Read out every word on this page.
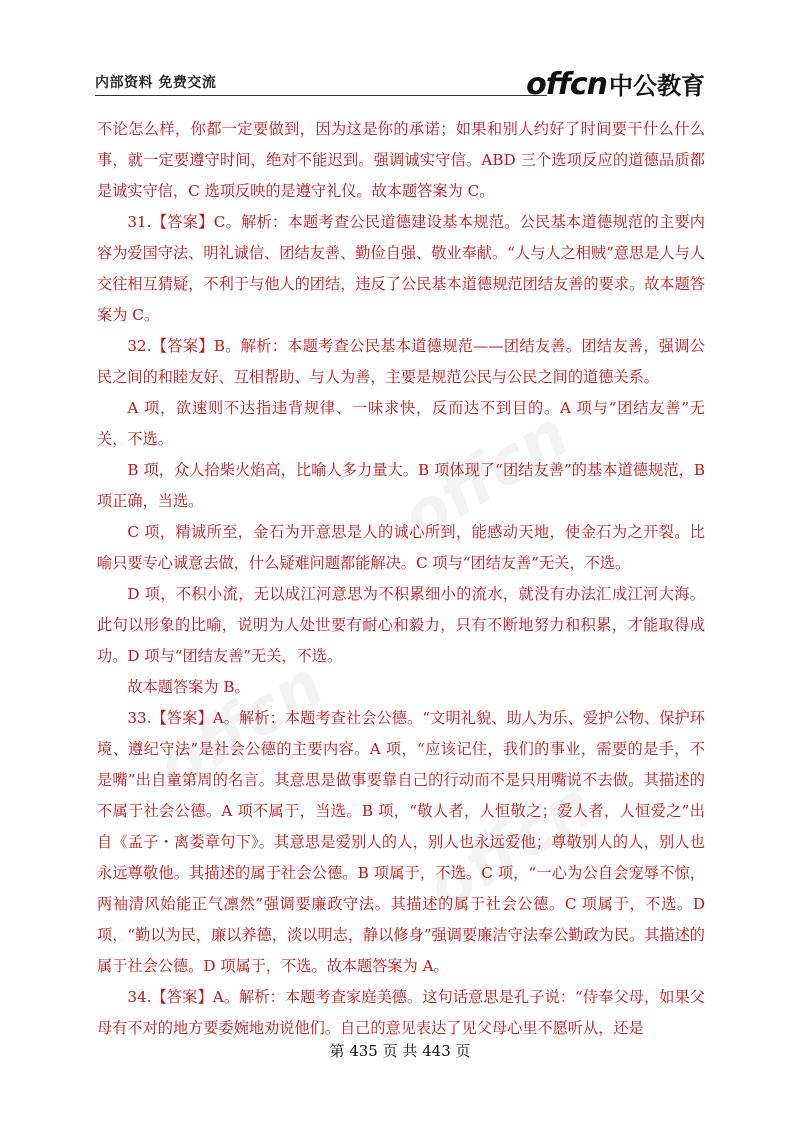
内部资料 免费交流	offcn 中公教育

不论怎么样，你都一定要做到，因为这是你的承诺；如果和别人约好了时间要干什么什么事，就一定要遵守时间，绝对不能迟到。强调诚实守信。ABD 三个选项反应的道德品质都是诚实守信，C 选项反映的是遵守礼仪。故本题答案为 C。

31.【答案】C。解析：本题考查公民道德建设基本规范。公民基本道德规范的主要内容为爱国守法、明礼诚信、团结友善、勤俭自强、敬业奉献。“人与人之相贼”意思是人与人交往相互猜疑，不利于与他人的团结，违反了公民基本道德规范团结友善的要求。故本题答案为 C。

32.【答案】B。解析：本题考查公民基本道德规范——团结友善。团结友善，强调公民之间的和睦友好、互相帮助、与人为善，主要是规范公民与公民之间的道德关系。

A 项，欲速则不达指违背规律、一味求快，反而达不到目的。A 项与“团结友善”无关，不选。

B 项，众人拾柴火焰高，比喻人多力量大。B 项体现了“团结友善”的基本道德规范，B 项正确，当选。

C 项，精诚所至，金石为开意思是人的诚心所到，能感动天地，使金石为之开裂。比喻只要专心诚意去做，什么疑难问题都能解决。C 项与“团结友善”无关，不选。

D 项，不积小流，无以成江河意思为不积累细小的流水，就没有办法汇成江河大海。此句以形象的比喻，说明为人处世要有耐心和毅力，只有不断地努力和积累，才能取得成功。D 项与“团结友善”无关，不选。

故本题答案为 B。

33.【答案】A。解析：本题考查社会公德。“文明礼貌、助人为乐、爱护公物、保护环境、遵纪守法”是社会公德的主要内容。A 项，“应该记住，我们的事业，需要的是手，不是嘴”出自童第周的名言。其意思是做事要靠自己的行动而不是只用嘴说不去做。其描述的不属于社会公德。A 项不属于，当选。B 项，“敬人者，人恒敬之；爱人者，人恒爱之”出自《孟子・离娄章句下》。其意思是爱别人的人，别人也永远爱他；尊敬别人的人，别人也永远尊敬他。其描述的属于社会公德。B 项属于，不选。C 项，“一心为公自会宠辱不惊，两袖清风始能正气凛然”强调要廉政守法。其描述的属于社会公德。C 项属于，不选。D 项，“勤以为民，廉以养德，淡以明志，静以修身”强调要廉洁守法奉公勤政为民。其描述的属于社会公德。D 项属于，不选。故本题答案为 A。

34.【答案】A。解析：本题考查家庭美德。这句话意思是孔子说：“侍奉父母，如果父母有不对的地方要委婉地劝说他们。自己的意见表达了见父母心里不愿听从，还是

第 435 页 共 443 页
